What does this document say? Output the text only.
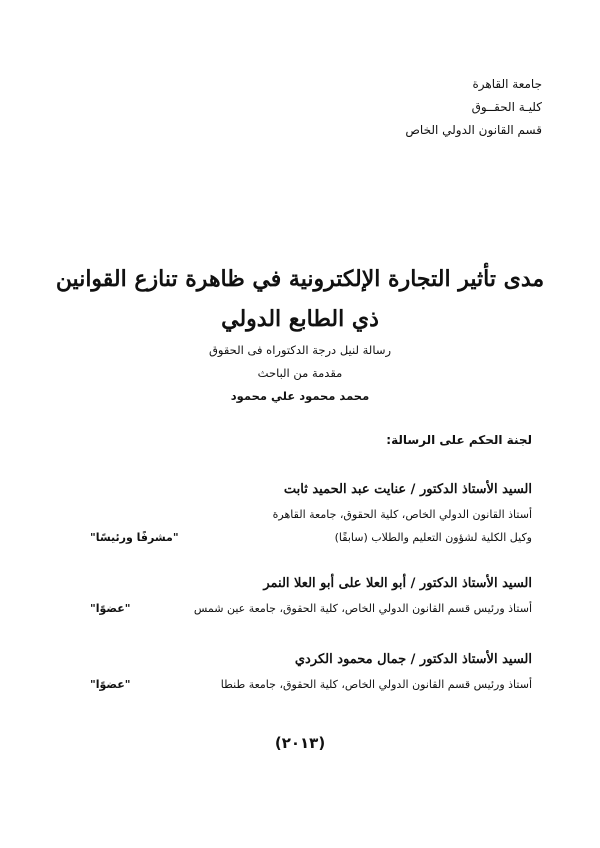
جامعة القاهرة
كليـة الحقــوق
قسم القانون الدولي الخاص
مدى تأثير التجارة الإلكترونية في ظاهرة تنازع القوانين
ذي الطابع الدولي
رسالة لنيل درجة الدكتوراه فى الحقوق
مقدمة من الباحث
محمد محمود علي محمود
لجنة الحكم على الرسالة:
السيد الأستاذ الدكتور / عنايت عبد الحميد ثابت
أستاذ القانون الدولي الخاص، كلية الحقوق، جامعة القاهرة
وكيل الكلية لشؤون التعليم والطلاب (سابقًا)
"مشرفًا ورئيسًا"
السيد الأستاذ الدكتور / أبو العلا على أبو العلا النمر
أستاذ ورئيس قسم القانون الدولي الخاص، كلية الحقوق، جامعة عين شمس
"عضوًا"
السيد الأستاذ الدكتور / جمال محمود الكردي
أستاذ ورئيس قسم القانون الدولي الخاص، كلية الحقوق، جامعة طنطا
"عضوًا"
(٢٠١٣)
